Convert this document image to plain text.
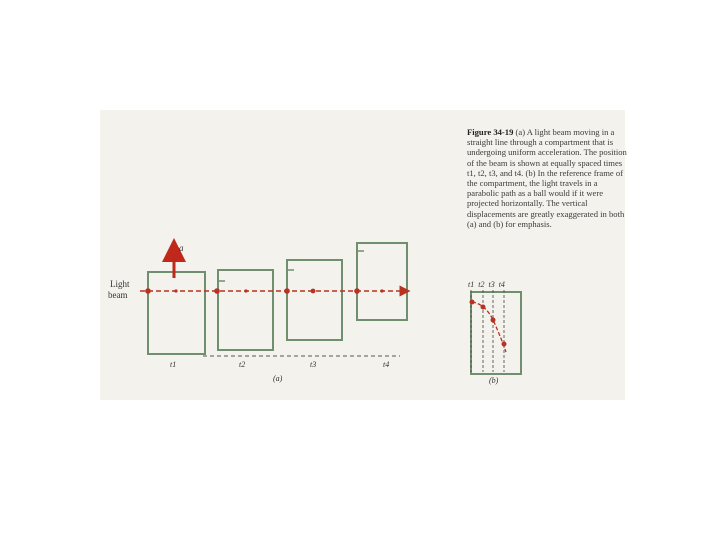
a
Light beam
t1	t2	t3	t4
(a)
t1 t2 t3 t4
(b)
Figure 34-19 (a) A light beam moving in a straight line through a compartment that is undergoing uniform acceleration. The position of the beam is shown at equally spaced times t1, t2, t3, and t4. (b) In the reference frame of the compartment, the light travels in a parabolic path as a ball would if it were projected horizontally. The vertical displacements are greatly exaggerated in both (a) and (b) for emphasis.
